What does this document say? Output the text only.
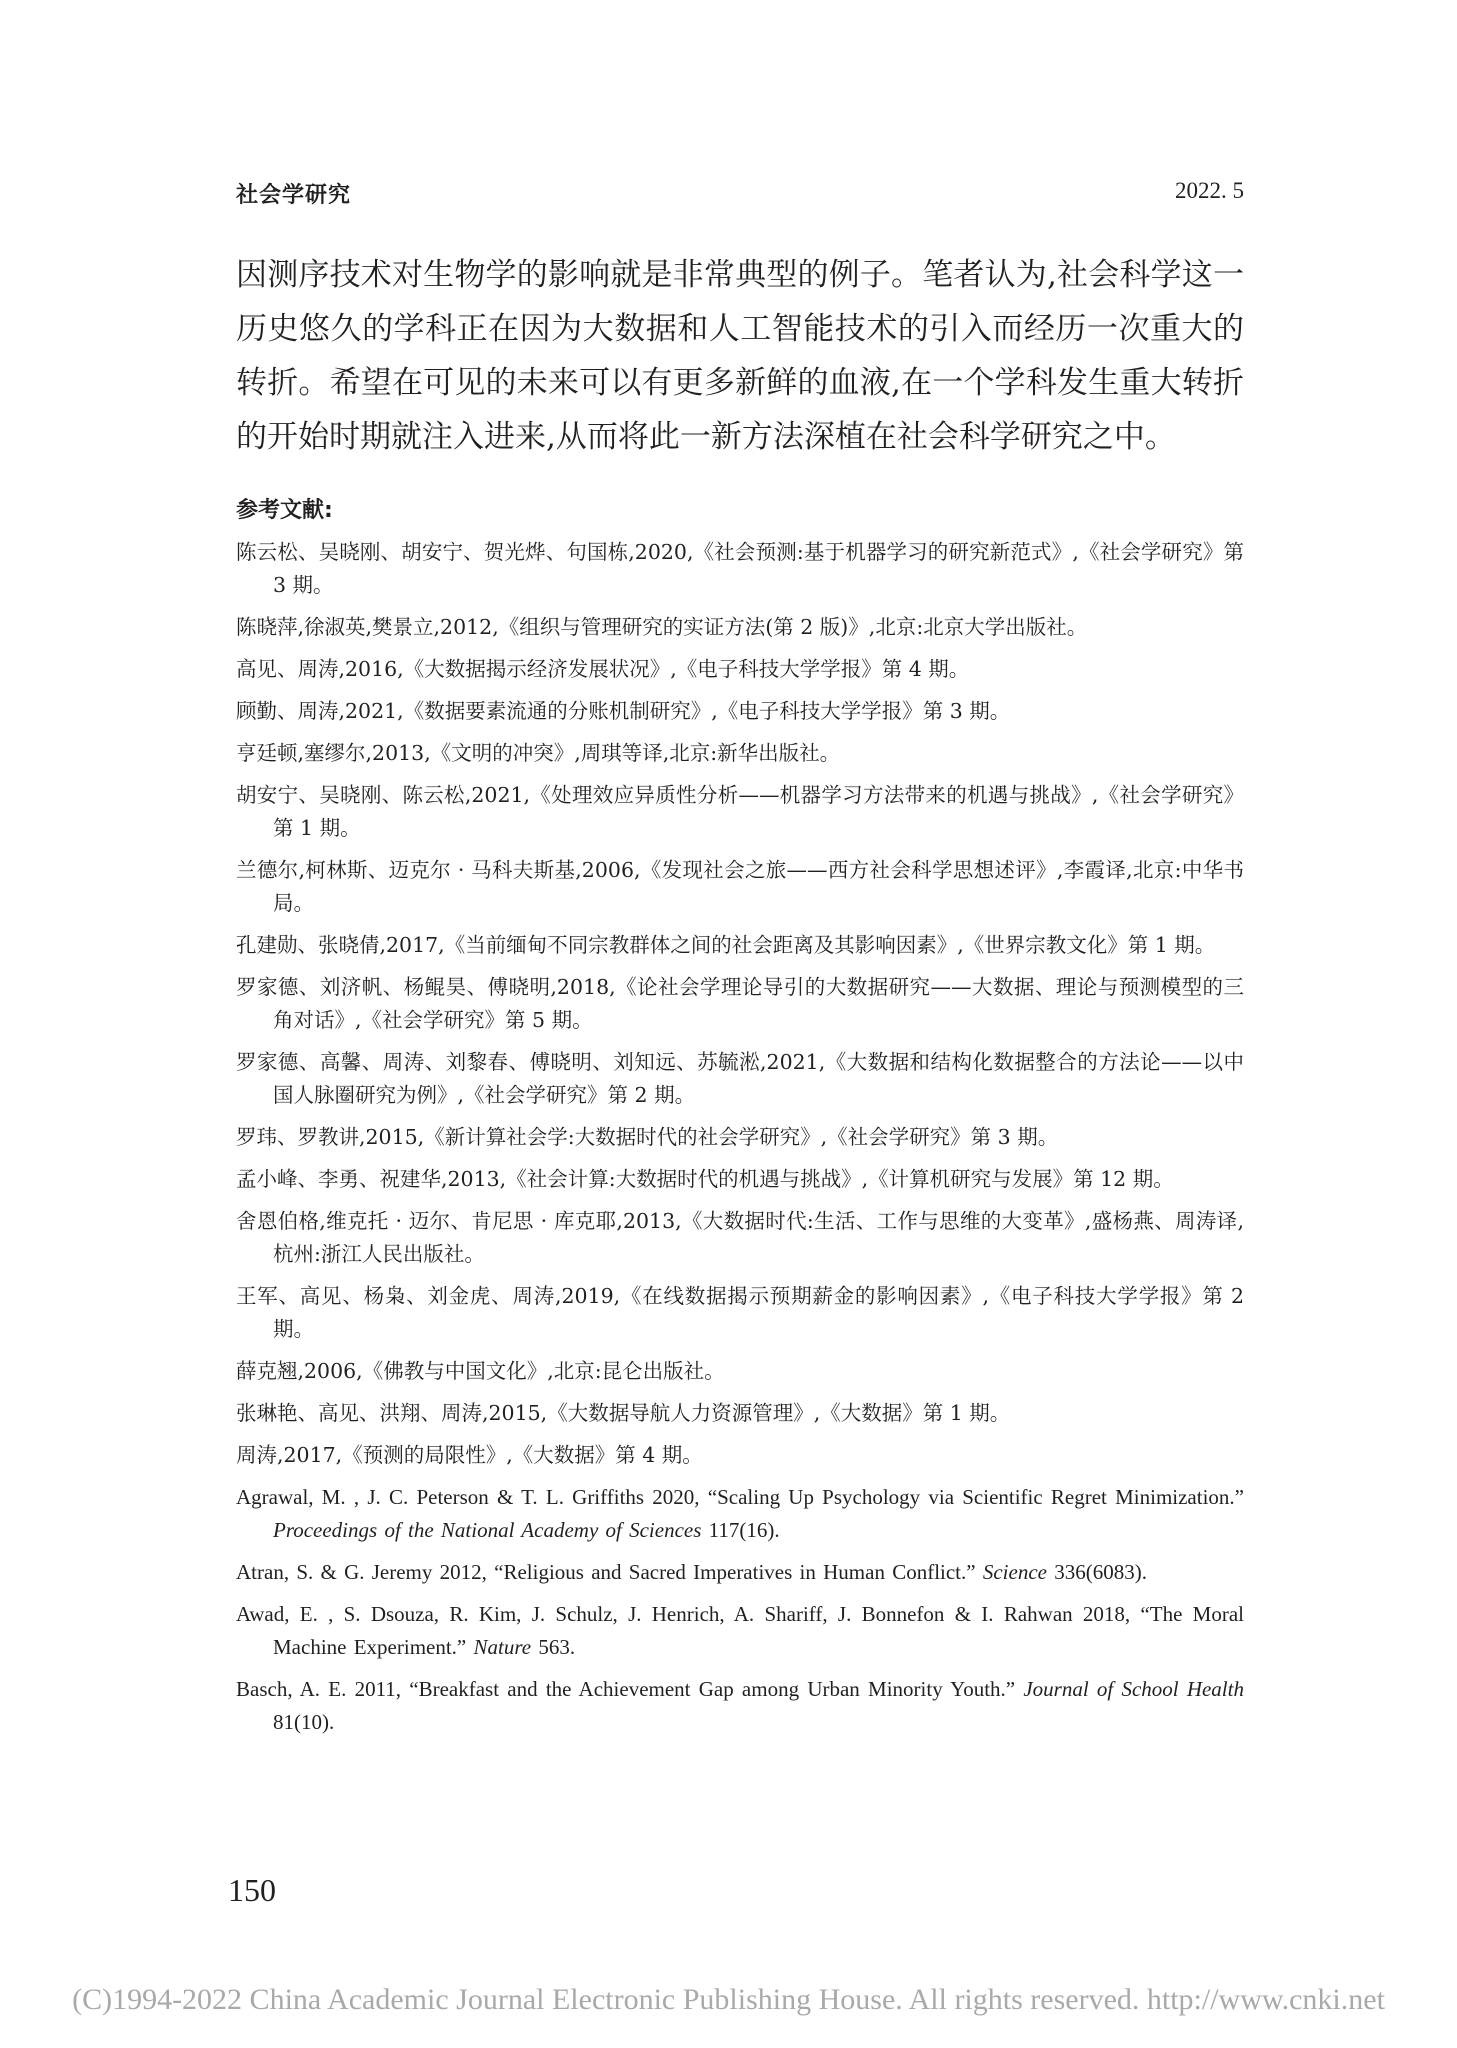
社会学研究	2022. 5
因测序技术对生物学的影响就是非常典型的例子。笔者认为,社会科学这一历史悠久的学科正在因为大数据和人工智能技术的引入而经历一次重大的转折。希望在可见的未来可以有更多新鲜的血液,在一个学科发生重大转折的开始时期就注入进来,从而将此一新方法深植在社会科学研究之中。
参考文献:
陈云松、吴晓刚、胡安宁、贺光烨、句国栋,2020,《社会预测:基于机器学习的研究新范式》,《社会学研究》第 3 期。
陈晓萍,徐淑英,樊景立,2012,《组织与管理研究的实证方法(第 2 版)》,北京:北京大学出版社。
高见、周涛,2016,《大数据揭示经济发展状况》,《电子科技大学学报》第 4 期。
顾勤、周涛,2021,《数据要素流通的分账机制研究》,《电子科技大学学报》第 3 期。
亨廷顿,塞缪尔,2013,《文明的冲突》,周琪等译,北京:新华出版社。
胡安宁、吴晓刚、陈云松,2021,《处理效应异质性分析——机器学习方法带来的机遇与挑战》,《社会学研究》第 1 期。
兰德尔,柯林斯、迈克尔 · 马科夫斯基,2006,《发现社会之旅——西方社会科学思想述评》,李霞译,北京:中华书局。
孔建勋、张晓倩,2017,《当前缅甸不同宗教群体之间的社会距离及其影响因素》,《世界宗教文化》第 1 期。
罗家德、刘济帆、杨鲲昊、傅晓明,2018,《论社会学理论导引的大数据研究——大数据、理论与预测模型的三角对话》,《社会学研究》第 5 期。
罗家德、高馨、周涛、刘黎春、傅晓明、刘知远、苏毓淞,2021,《大数据和结构化数据整合的方法论——以中国人脉圈研究为例》,《社会学研究》第 2 期。
罗玮、罗教讲,2015,《新计算社会学:大数据时代的社会学研究》,《社会学研究》第 3 期。
孟小峰、李勇、祝建华,2013,《社会计算:大数据时代的机遇与挑战》,《计算机研究与发展》第 12 期。
舍恩伯格,维克托 · 迈尔、肯尼思 · 库克耶,2013,《大数据时代:生活、工作与思维的大变革》,盛杨燕、周涛译,杭州:浙江人民出版社。
王军、高见、杨枭、刘金虎、周涛,2019,《在线数据揭示预期薪金的影响因素》,《电子科技大学学报》第 2 期。
薛克翘,2006,《佛教与中国文化》,北京:昆仑出版社。
张琳艳、高见、洪翔、周涛,2015,《大数据导航人力资源管理》,《大数据》第 1 期。
周涛,2017,《预测的局限性》,《大数据》第 4 期。
Agrawal, M. , J. C. Peterson & T. L. Griffiths 2020, “Scaling Up Psychology via Scientific Regret Minimization.” Proceedings of the National Academy of Sciences 117(16).
Atran, S. & G. Jeremy 2012, “Religious and Sacred Imperatives in Human Conflict.” Science 336(6083).
Awad, E. , S. Dsouza, R. Kim, J. Schulz, J. Henrich, A. Shariff, J. Bonnefon & I. Rahwan 2018, “The Moral Machine Experiment.” Nature 563.
Basch, A. E. 2011, “Breakfast and the Achievement Gap among Urban Minority Youth.” Journal of School Health 81(10).
150
(C)1994-2022 China Academic Journal Electronic Publishing House. All rights reserved. http://www.cnki.net
